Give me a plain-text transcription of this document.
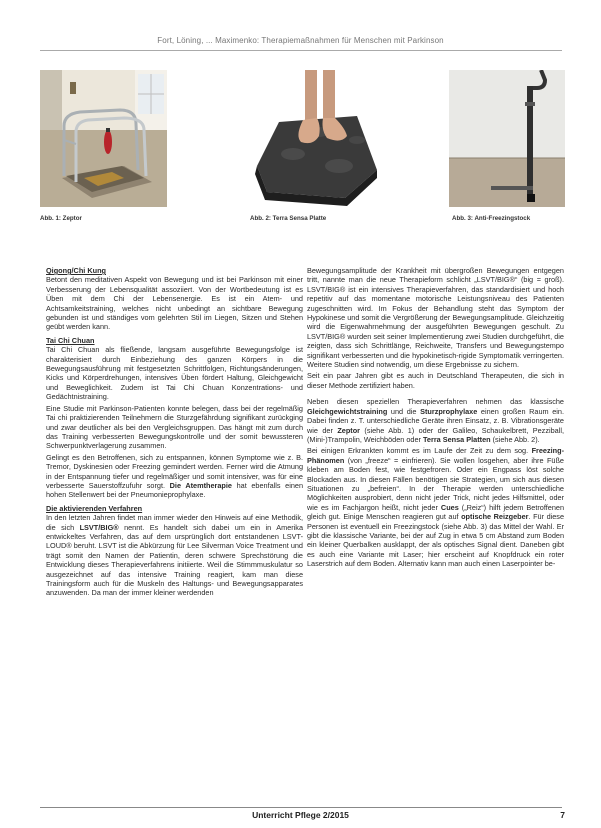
Fort, Löning, ... Maximenko: Therapiemaßnahmen für Menschen mit Parkinson
Abb. 1: Zeptor	Abb. 2: Terra Sensa Platte	Abb. 3: Anti-Freezingstock
Qigong/Chi Kung

Betont den meditativen Aspekt von Bewegung und ist bei Parkinson mit einer Verbesserung der Lebensqualität assoziiert. Von der Wortbedeutung ist es Üben mit dem Chi der Lebensenergie. Es ist ein Atem- und Achtsamkeitstraining, welches nicht unbedingt an sichtbare Bewegung gebunden ist und ständiges vom gelehrten Stil im Liegen, Sitzen und Stehen geübt werden kann.

Tai Chi Chuan

Tai Chi Chuan als fließende, langsam ausgeführte Bewegungsfolge ist charakterisiert durch Einbeziehung des ganzen Körpers in die Bewegungsausführung mit festgesetzten Schrittfolgen, Richtungsänderungen, Kicks und Körperdrehungen, intensives Üben fördert Haltung, Gleichgewicht und Beweglichkeit. Zudem ist Tai Chi Chuan Konzentrations- und Gedächtnistraining.

Eine Studie mit Parkinson-Patienten konnte belegen, dass bei der regelmäßig Tai chi praktizierenden Teilnehmern die Sturzgefährdung signifikant zurückging und zwar deutlicher als bei den Vergleichsgruppen. Das hängt mit zum durch das Training verbesserten Bewegungskontrolle und der somit bewussteren Schwerpunktverlagerung zusammen.

Gelingt es den Betroffenen, sich zu entspannen, können Symptome wie z. B. Tremor, Dyskinesien oder Freezing gemindert werden. Ferner wird die Atmung in der Entspannung tiefer und regelmäßiger und somit intensiver, was für eine verbesserte Sauerstoffzufuhr sorgt. Die Atemtherapie hat ebenfalls einen hohen Stellenwert bei der Pneumonieprophylaxe.

Die aktivierenden Verfahren

In den letzten Jahren findet man immer wieder den Hinweis auf eine Methodik, die sich LSVT/BIG® nennt. Es handelt sich dabei um ein in Amerika entwickeltes Verfahren, das auf dem ursprünglich dort entstandenen LSVT-LOUD® beruht. LSVT ist die Abkürzung für Lee Silverman Voice Treatment und trägt somit den Namen der Patientin, deren schwere Sprechstörung die Entwicklung dieses Therapieverfahrens initiierte. Weil die Stimmmuskulatur so ausgezeichnet auf das intensive Training reagiert, kam man diese Trainingsform auch für die Muskeln des Haltungs- und Bewegungsapparates anzuwenden. Da man der immer kleiner werdenden

Bewegungsamplitude der Krankheit mit übergroßen Bewegungen entgegen tritt, nannte man die neue Therapieform schlicht „LSVT/BIG®“ (big = groß). LSVT/BIG® ist ein intensives Therapieverfahren, das standardisiert und hoch repetitiv auf das momentane motorische Leistungsniveau des Patienten zugeschnitten wird. Im Fokus der Behandlung steht das Symptom der Hypokinese und somit die Vergrößerung der Bewegungsamplitude. Gleichzeitig wird die Eigenwahrnehmung der ausgeführten Bewegungen geschult. Zu LSVT/BIG® wurden seit seiner Implementierung zwei Studien durchgeführt, die zeigten, dass sich Schrittlänge, Reichweite, Transfers und Bewegungstempo signifikant verbesserten und die hypokinetisch-rigide Symptomatik verringerten. Weitere Studien sind notwendig, um diese Ergebnisse zu sichern.

Seit ein paar Jahren gibt es auch in Deutschland Therapeuten, die sich in dieser Methode zertifiziert haben.

Neben diesen speziellen Therapieverfahren nehmen das klassische Gleichgewichtstraining und die Sturzprophylaxe einen großen Raum ein. Dabei finden z. T. unterschiedliche Geräte ihren Einsatz, z. B. Vibrationsgeräte wie der Zeptor (siehe Abb. 1) oder der Galileo, Schaukelbrett, Pezziball, (Mini-)Trampolin, Weichböden oder Terra Sensa Platten (siehe Abb. 2).

Bei einigen Erkrankten kommt es im Laufe der Zeit zu dem sog. Freezing-Phänomen (von „freeze“ = einfrieren). Sie wollen losgehen, aber ihre Füße kleben am Boden fest, wie festgefroren. Oder ein Engpass löst solche Blockaden aus. In diesen Fällen benötigen sie Strategien, um sich aus diesen Situationen zu „befreien“. In der Therapie werden unterschiedliche Möglichkeiten ausprobiert, denn nicht jeder Trick, nicht jedes Hilfsmittel, oder wie es im Fachjargon heißt, nicht jeder Cues („Reiz“) hilft jedem Betroffenen gleich gut. Einige Menschen reagieren gut auf optische Reizgeber. Für diese Personen ist eventuell ein Freezingstock (siehe Abb. 3) das Mittel der Wahl. Er gibt die klassische Variante, bei der auf Zug in etwa 5 cm Abstand zum Boden ein kleiner Querbalken ausklappt, der als optisches Signal dient. Daneben gibt es auch eine Variante mit Laser; hier erscheint auf Knopfdruck ein roter Laserstrich auf dem Boden. Alternativ kann man auch einen Laserpointer be-

Unterricht Pflege 2/2015	7
